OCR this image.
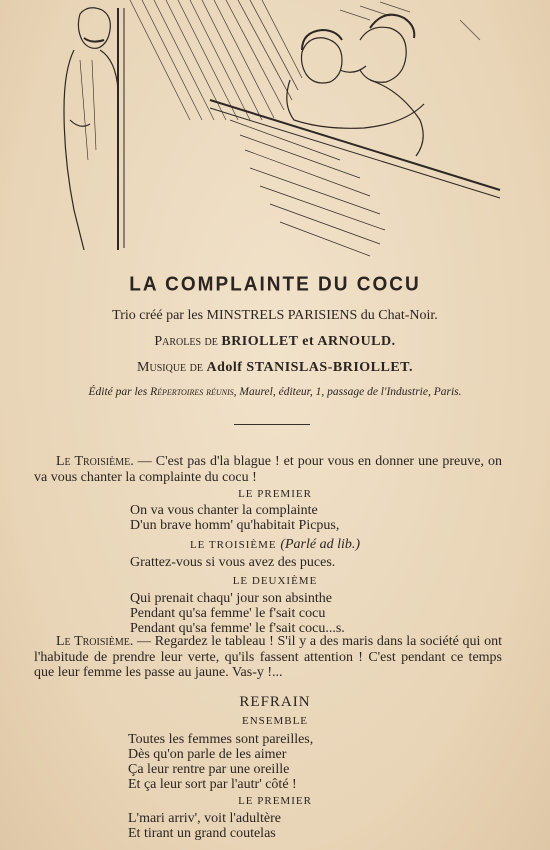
LA COMPLAINTE DU COCU
Trio créé par les MINSTRELS PARISIENS du Chat-Noir.
Paroles de BRIOLLET et ARNOULD.
Musique de Adolf STANISLAS-BRIOLLET.
Édité par les Répertoires réunis, Maurel, éditeur, 1, passage de l'Industrie, Paris.
Le Troisième. — C'est pas d'la blague ! et pour vous en donner une preuve, on va vous chanter la complainte du cocu !
LE PREMIER
On va vous chanter la complainte
D'un brave homm' qu'habitait Picpus,
LE TROISIÈME (Parlé ad lib.)
Grattez-vous si vous avez des puces.
LE DEUXIÈME
Qui prenait chaqu' jour son absinthe
Pendant qu'sa femme' le f'sait cocu
Pendant qu'sa femme' le f'sait cocu...s.
Le Troisième. — Regardez le tableau ! S'il y a des maris dans la société qui ont l'habitude de prendre leur verte, qu'ils fassent attention ! C'est pendant ce temps que leur femme les passe au jaune. Vas-y !...
REFRAIN
ENSEMBLE
Toutes les femmes sont pareilles,
Dès qu'on parle de les aimer
Ça leur rentre par une oreille
Et ça leur sort par l'autr' côté !
LE PREMIER
L'mari arriv', voit l'adultère
Et tirant un grand coutelas
